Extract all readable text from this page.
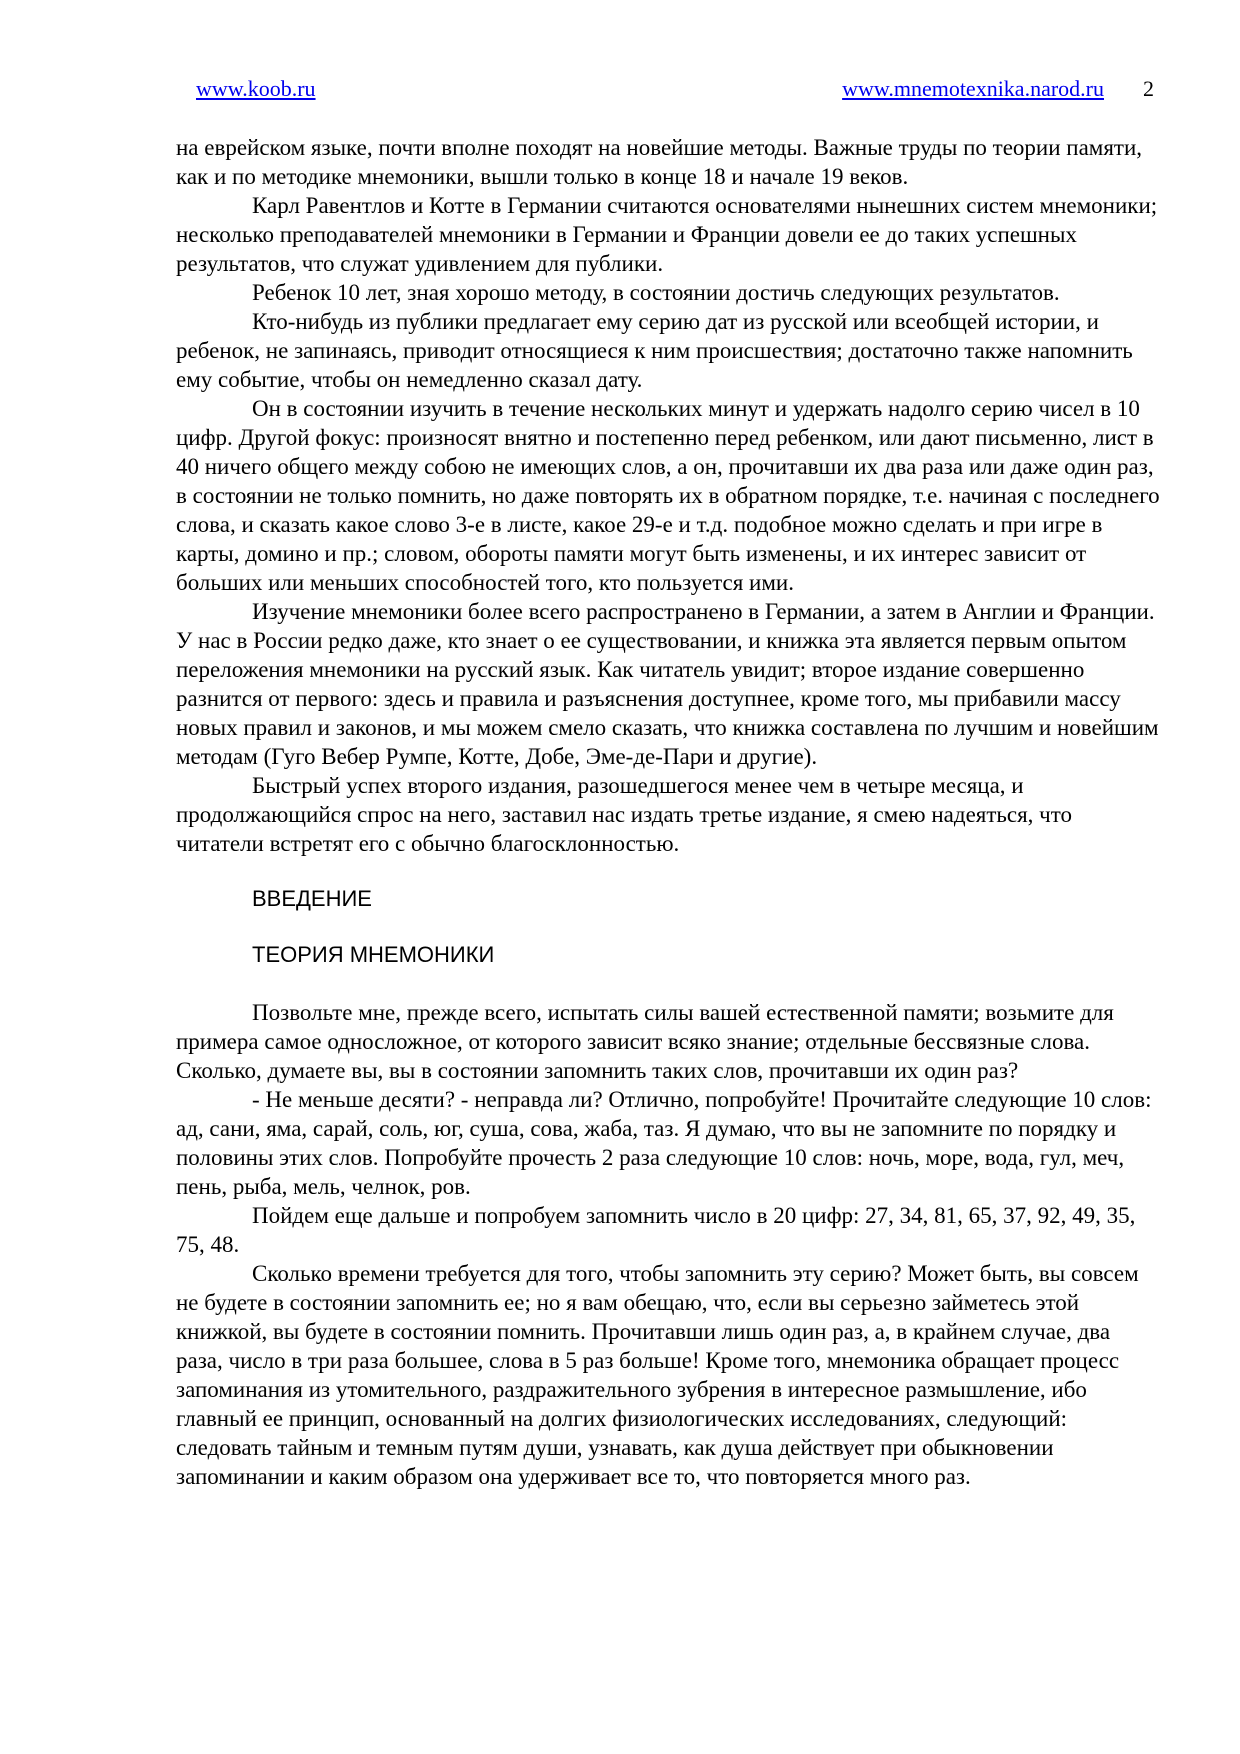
www.koob.ru	www.mnemotexnika.narod.ru 2

на еврейском языке, почти вполне походят на новейшие методы. Важные труды по теории памяти, как и по методике мнемоники, вышли только в конце 18 и начале 19 веков.

Карл Равентлов и Котте в Германии считаются основателями нынешних систем мнемоники; несколько преподавателей мнемоники в Германии и Франции довели ее до таких успешных результатов, что служат удивлением для публики.

Ребенок 10 лет, зная хорошо методу, в состоянии достичь следующих результатов.

Кто-нибудь из публики предлагает ему серию дат из русской или всеобщей истории, и ребенок, не запинаясь, приводит относящиеся к ним происшествия; достаточно также напомнить ему событие, чтобы он немедленно сказал дату.

Он в состоянии изучить в течение нескольких минут и удержать надолго серию чисел в 10 цифр. Другой фокус: произносят внятно и постепенно перед ребенком, или дают письменно, лист в 40 ничего общего между собою не имеющих слов, а он, прочитавши их два раза или даже один раз, в состоянии не только помнить, но даже повторять их в обратном порядке, т.е. начиная с последнего слова, и сказать какое слово 3-е в листе, какое 29-е и т.д. подобное можно сделать и при игре в карты, домино и пр.; словом, обороты памяти могут быть изменены, и их интерес зависит от больших или меньших способностей того, кто пользуется ими.

Изучение мнемоники более всего распространено в Германии, а затем в Англии и Франции. У нас в России редко даже, кто знает о ее существовании, и книжка эта является первым опытом переложения мнемоники на русский язык. Как читатель увидит; второе издание совершенно разнится от первого: здесь и правила и разъяснения доступнее, кроме того, мы прибавили массу новых правил и законов, и мы можем смело сказать, что книжка составлена по лучшим и новейшим методам (Гуго Вебер Румпе, Котте, Добе, Эме-де-Пари и другие).

Быстрый успех второго издания, разошедшегося менее чем в четыре месяца, и продолжающийся спрос на него, заставил нас издать третье издание, я смею надеяться, что читатели встретят его с обычно благосклонностью.

ВВЕДЕНИЕ
ТЕОРИЯ МНЕМОНИКИ

Позвольте мне, прежде всего, испытать силы вашей естественной памяти; возьмите для примера самое односложное, от которого зависит всяко знание; отдельные бессвязные слова. Сколько, думаете вы, вы в состоянии запомнить таких слов, прочитавши их один раз?

- Не меньше десяти? - неправда ли? Отлично, попробуйте! Прочитайте следующие 10 слов: ад, сани, яма, сарай, соль, юг, суша, сова, жаба, таз. Я думаю, что вы не запомните по порядку и половины этих слов. Попробуйте прочесть 2 раза следующие 10 слов: ночь, море, вода, гул, меч, пень, рыба, мель, челнок, ров.

Пойдем еще дальше и попробуем запомнить число в 20 цифр: 27, 34, 81, 65, 37, 92, 49, 35, 75, 48.

Сколько времени требуется для того, чтобы запомнить эту серию? Может быть, вы совсем не будете в состоянии запомнить ее; но я вам обещаю, что, если вы серьезно займетесь этой книжкой, вы будете в состоянии помнить. Прочитавши лишь один раз, а, в крайнем случае, два раза, число в три раза большее, слова в 5 раз больше! Кроме того, мнемоника обращает процесс запоминания из утомительного, раздражительного зубрения в интересное размышление, ибо главный ее принцип, основанный на долгих физиологических исследованиях, следующий: следовать тайным и темным путям души, узнавать, как душа действует при обыкновении запоминании и каким образом она удерживает все то, что повторяется много раз.
